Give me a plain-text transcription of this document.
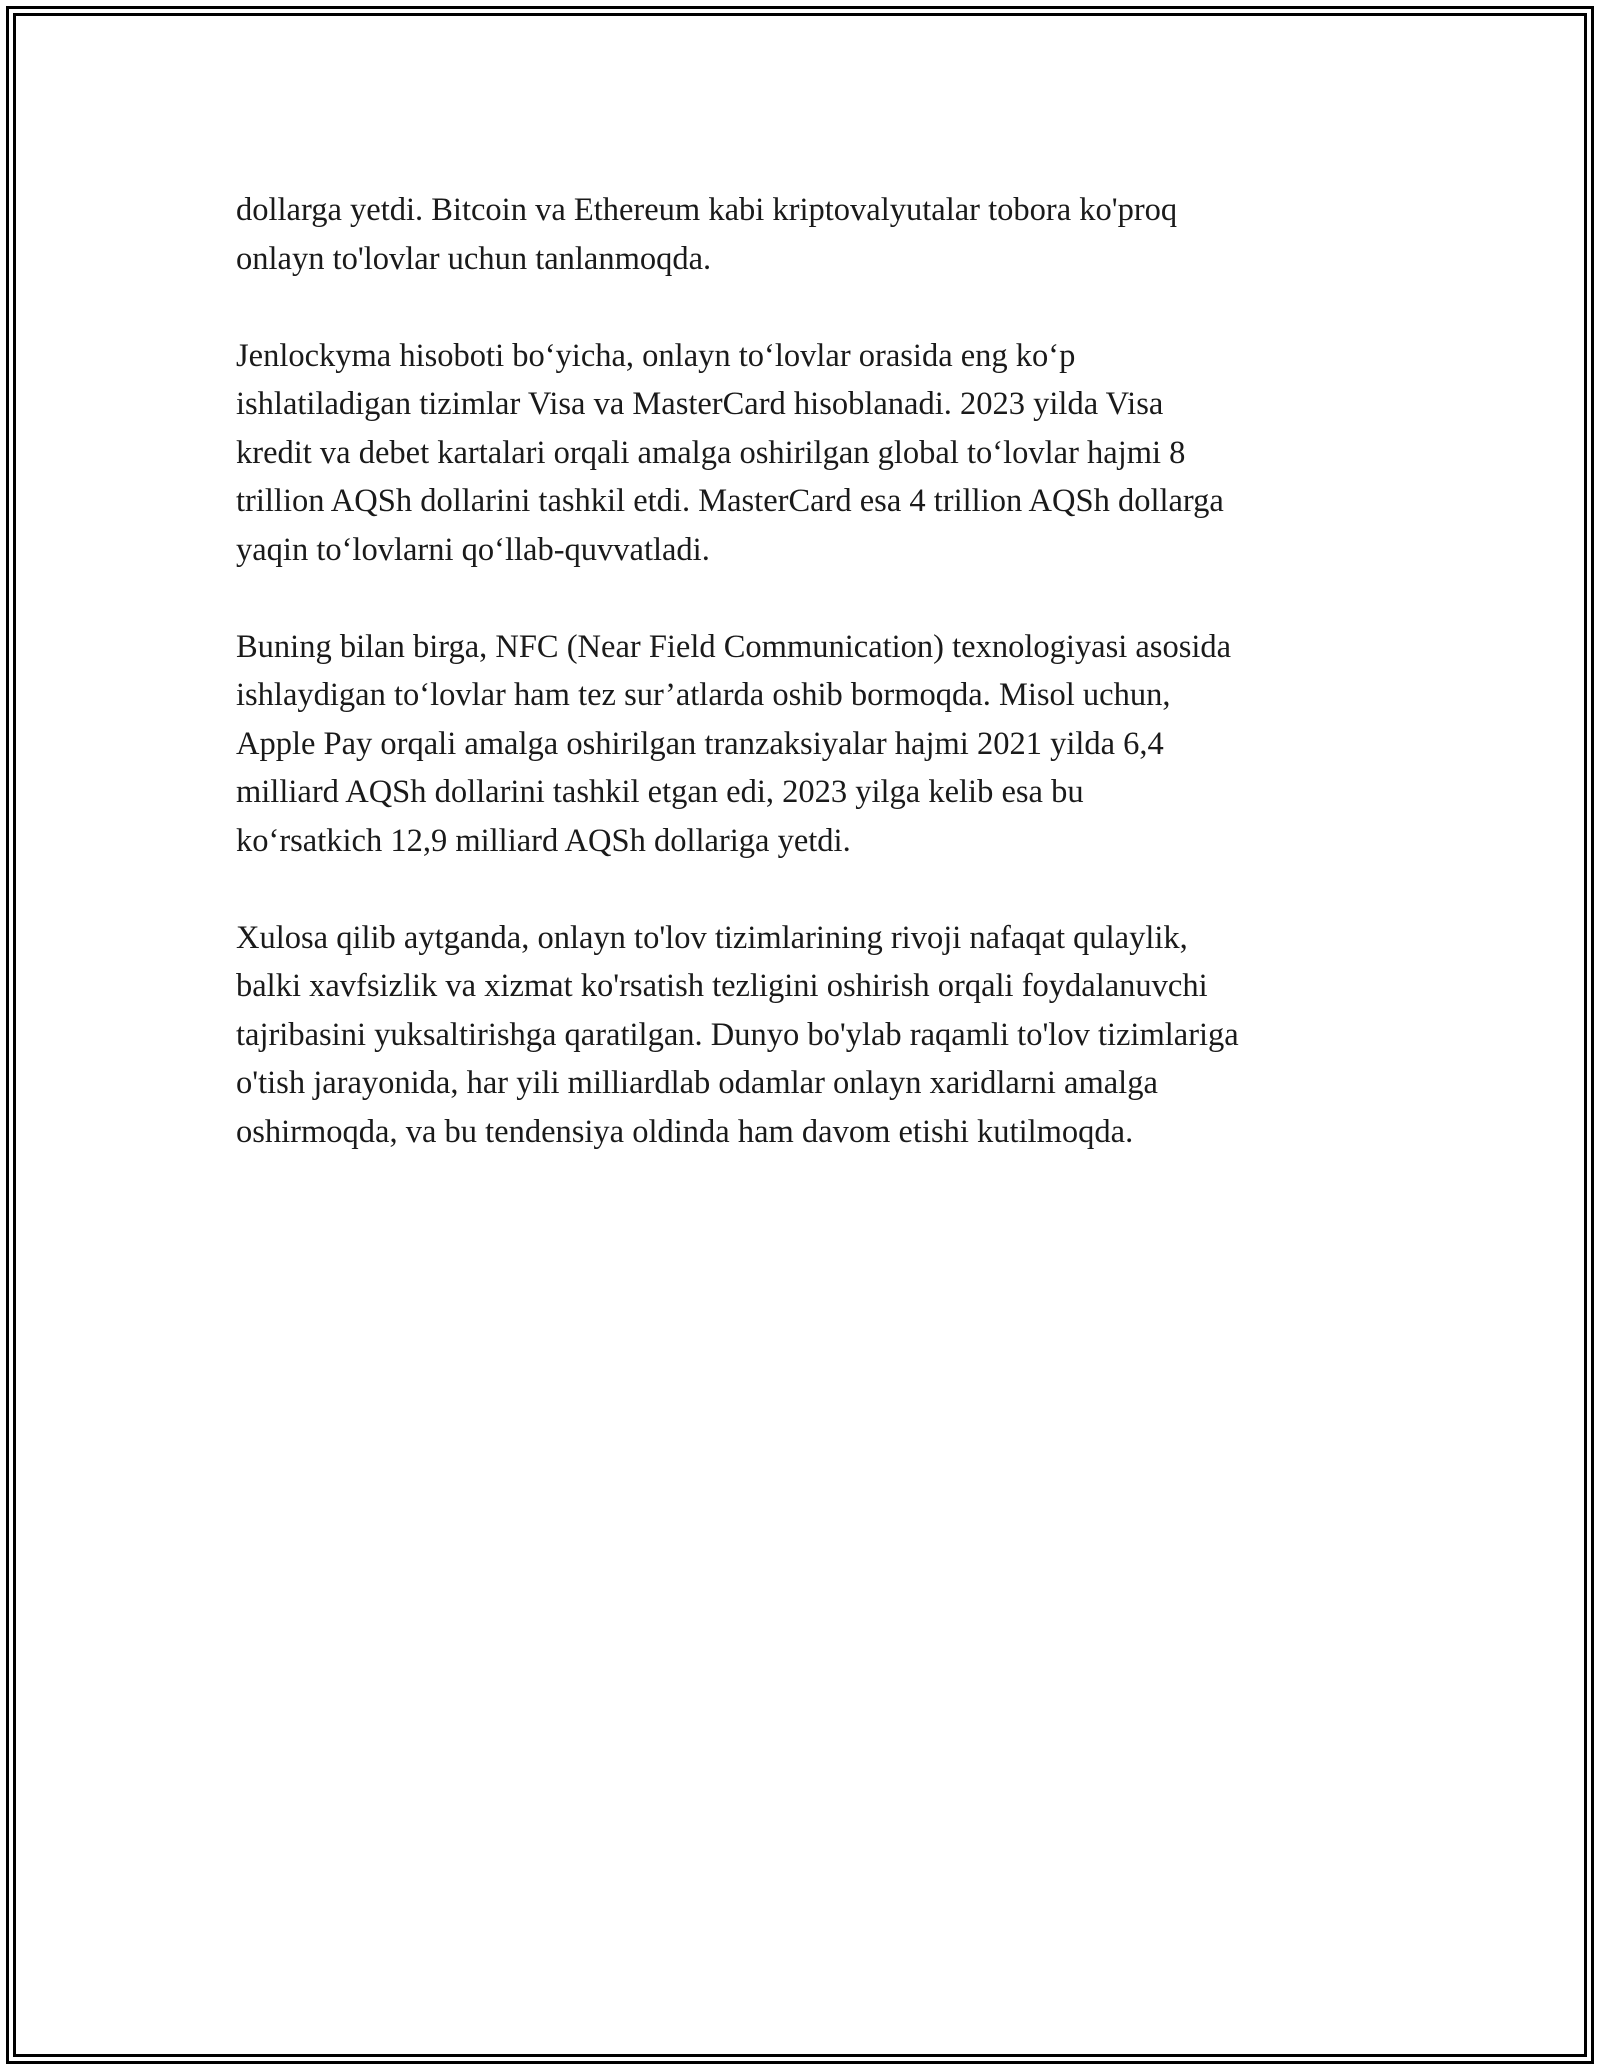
dollarga yetdi. Bitcoin va Ethereum kabi kriptovalyutalar tobora ko'proq
onlayn to'lovlar uchun tanlanmoqda.

Jenlockyma hisoboti bo‘yicha, onlayn to‘lovlar orasida eng ko‘p
ishlatiladigan tizimlar Visa va MasterCard hisoblanadi. 2023 yilda Visa
kredit va debet kartalari orqali amalga oshirilgan global to‘lovlar hajmi 8
trillion AQSh dollarini tashkil etdi. MasterCard esa 4 trillion AQSh dollarga
yaqin to‘lovlarni qo‘llab-quvvatladi.

Buning bilan birga, NFC (Near Field Communication) texnologiyasi asosida
ishlaydigan to‘lovlar ham tez sur’atlarda oshib bormoqda. Misol uchun,
Apple Pay orqali amalga oshirilgan tranzaksiyalar hajmi 2021 yilda 6,4
milliard AQSh dollarini tashkil etgan edi, 2023 yilga kelib esa bu
ko‘rsatkich 12,9 milliard AQSh dollariga yetdi.

Xulosa qilib aytganda, onlayn to'lov tizimlarining rivoji nafaqat qulaylik,
balki xavfsizlik va xizmat ko'rsatish tezligini oshirish orqali foydalanuvchi
tajribasini yuksaltirishga qaratilgan. Dunyo bo'ylab raqamli to'lov tizimlariga
o'tish jarayonida, har yili milliardlab odamlar onlayn xaridlarni amalga
oshirmoqda, va bu tendensiya oldinda ham davom etishi kutilmoqda.
